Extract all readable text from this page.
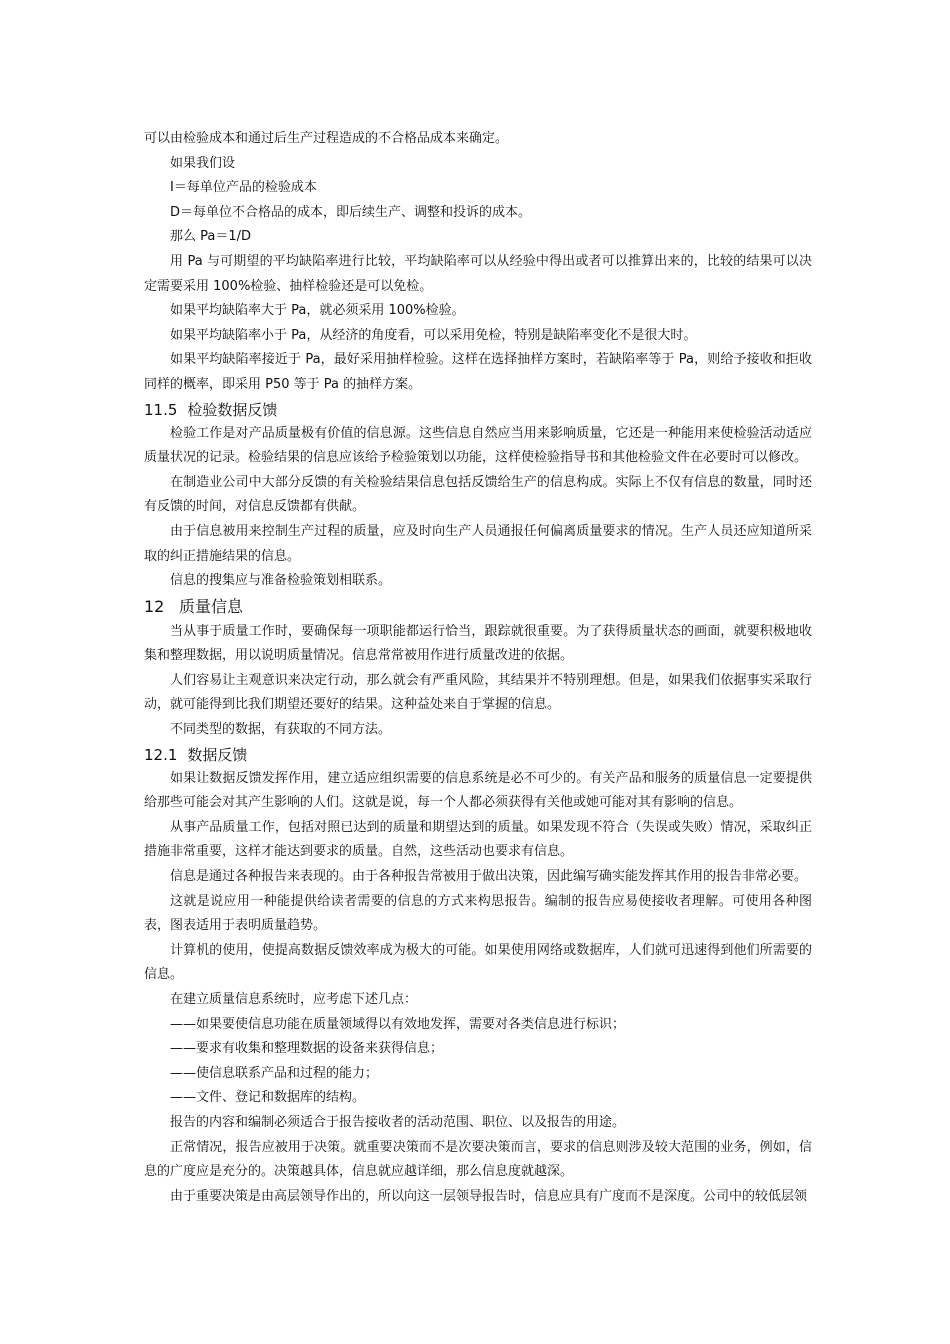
可以由检验成本和通过后生产过程造成的不合格品成本来确定。

如果我们设

I＝每单位产品的检验成本

D＝每单位不合格品的成本，即后续生产、调整和投诉的成本。

那么 Pa＝1/D

用 Pa 与可期望的平均缺陷率进行比较，平均缺陷率可以从经验中得出或者可以推算出来的，比较的结果可以决定需要采用 100%检验、抽样检验还是可以免检。

如果平均缺陷率大于 Pa，就必须采用 100%检验。

如果平均缺陷率小于 Pa，从经济的角度看，可以采用免检，特别是缺陷率变化不是很大时。

如果平均缺陷率接近于 Pa，最好采用抽样检验。这样在选择抽样方案时，若缺陷率等于 Pa，则给予接收和拒收同样的概率，即采用 P50 等于 Pa 的抽样方案。

11.5 检验数据反馈

检验工作是对产品质量极有价值的信息源。这些信息自然应当用来影响质量，它还是一种能用来使检验活动适应质量状况的记录。检验结果的信息应该给予检验策划以功能，这样使检验指导书和其他检验文件在必要时可以修改。

在制造业公司中大部分反馈的有关检验结果信息包括反馈给生产的信息构成。实际上不仅有信息的数量，同时还有反馈的时间，对信息反馈都有供献。

由于信息被用来控制生产过程的质量，应及时向生产人员通报任何偏离质量要求的情况。生产人员还应知道所采取的纠正措施结果的信息。

信息的搜集应与准备检验策划相联系。

12 质量信息

当从事于质量工作时，要确保每一项职能都运行恰当，跟踪就很重要。为了获得质量状态的画面，就要积极地收集和整理数据，用以说明质量情况。信息常常被用作进行质量改进的依据。

人们容易让主观意识来决定行动，那么就会有严重风险，其结果并不特别理想。但是，如果我们依据事实采取行动，就可能得到比我们期望还要好的结果。这种益处来自于掌握的信息。

不同类型的数据，有获取的不同方法。

12.1 数据反馈

如果让数据反馈发挥作用，建立适应组织需要的信息系统是必不可少的。有关产品和服务的质量信息一定要提供给那些可能会对其产生影响的人们。这就是说，每一个人都必须获得有关他或她可能对其有影响的信息。

从事产品质量工作，包括对照已达到的质量和期望达到的质量。如果发现不符合（失误或失败）情况，采取纠正措施非常重要，这样才能达到要求的质量。自然，这些活动也要求有信息。

信息是通过各种报告来表现的。由于各种报告常被用于做出决策，因此编写确实能发挥其作用的报告非常必要。

这就是说应用一种能提供给读者需要的信息的方式来构思报告。编制的报告应易使接收者理解。可使用各种图表，图表适用于表明质量趋势。

计算机的使用，使提高数据反馈效率成为极大的可能。如果使用网络或数据库，人们就可迅速得到他们所需要的信息。

在建立质量信息系统时，应考虑下述几点：

——如果要使信息功能在质量领域得以有效地发挥，需要对各类信息进行标识；

——要求有收集和整理数据的设备来获得信息；

——使信息联系产品和过程的能力；

——文件、登记和数据库的结构。

报告的内容和编制必须适合于报告接收者的活动范围、职位、以及报告的用途。

正常情况，报告应被用于决策。就重要决策而不是次要决策而言，要求的信息则涉及较大范围的业务，例如，信息的广度应是充分的。决策越具体，信息就应越详细，那么信息度就越深。

由于重要决策是由高层领导作出的，所以向这一层领导报告时，信息应具有广度而不是深度。公司中的较低层领
